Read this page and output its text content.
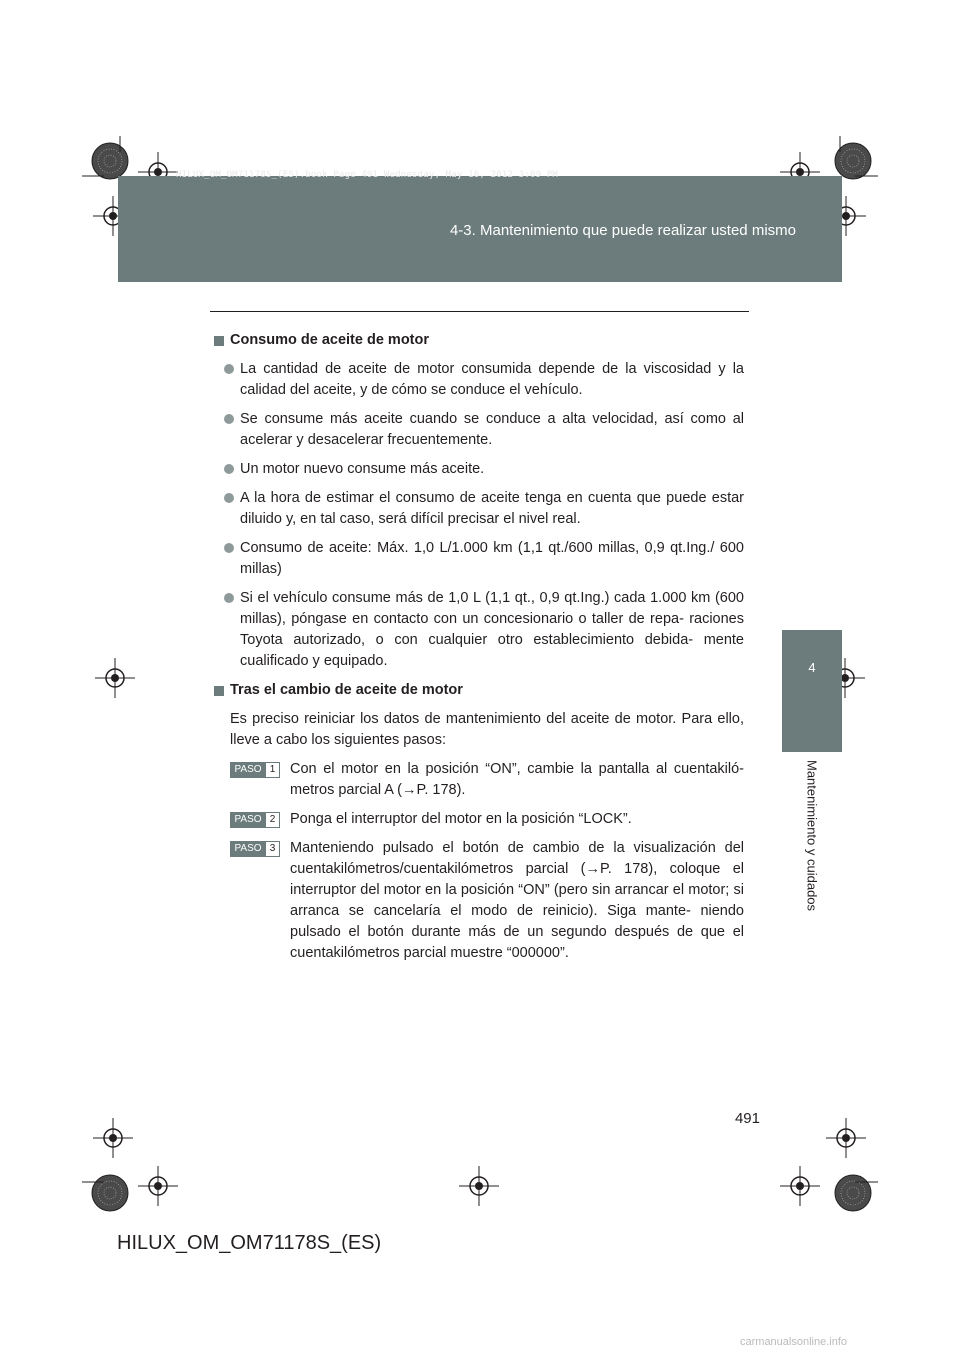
4-3. Mantenimiento que puede realizar usted mismo
HILUX_OM_OM71178S_(ES).book Page 491 Wednesday, May 16, 2012 3:09 PM
4
Mantenimiento y cuidados
Consumo de aceite de motor
La cantidad de aceite de motor consumida depende de la viscosidad y la calidad del aceite, y de cómo se conduce el vehículo.
Se consume más aceite cuando se conduce a alta velocidad, así como al acelerar y desacelerar frecuentemente.
Un motor nuevo consume más aceite.
A la hora de estimar el consumo de aceite tenga en cuenta que puede estar diluido y, en tal caso, será difícil precisar el nivel real.
Consumo de aceite: Máx. 1,0 L/1.000 km (1,1 qt./600 millas, 0,9 qt.Ing./ 600 millas)
Si el vehículo consume más de 1,0 L (1,1 qt., 0,9 qt.Ing.) cada 1.000 km (600 millas), póngase en contacto con un concesionario o taller de repa- raciones Toyota autorizado, o con cualquier otro establecimiento debida- mente cualificado y equipado.
Tras el cambio de aceite de motor
Es preciso reiniciar los datos de mantenimiento del aceite de motor. Para ello, lleve a cabo los siguientes pasos:
PASO 1 Con el motor en la posición “ON”, cambie la pantalla al cuentakiló- metros parcial A (→P. 178).
PASO 2 Ponga el interruptor del motor en la posición “LOCK”.
PASO 3 Manteniendo pulsado el botón de cambio de la visualización del cuentakilómetros/cuentakilómetros parcial (→P. 178), coloque el interruptor del motor en la posición “ON” (pero sin arrancar el motor; si arranca se cancelaría el modo de reinicio). Siga mante- niendo pulsado el botón durante más de un segundo después de que el cuentakilómetros parcial muestre “000000”.
491
HILUX_OM_OM71178S_(ES)
carmanualsonline.info
